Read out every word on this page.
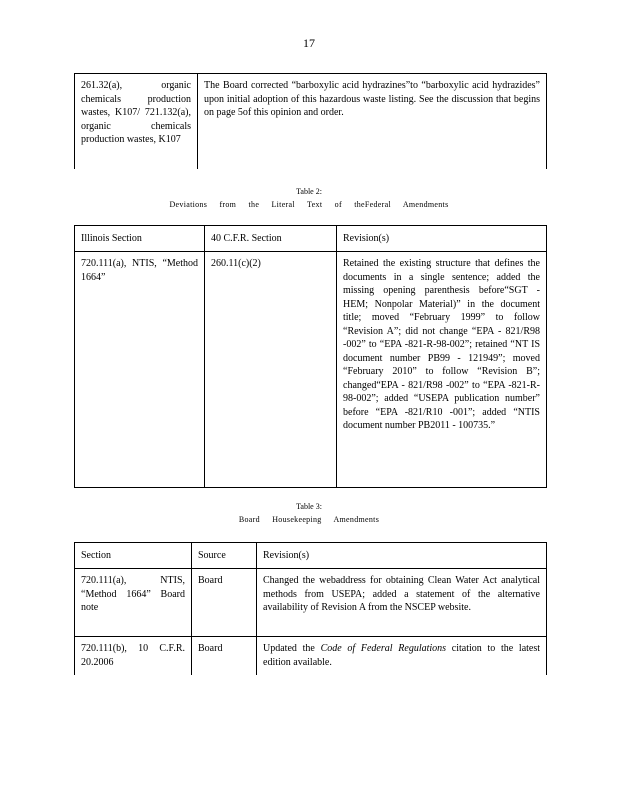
17
261.32(a), organic chemicals production wastes, K107/ 721.132(a), organic chemicals production wastes, K107	The Board corrected “barboxylic acid hydrazines”to “barboxylic acid hydrazides” upon initial adoption of this hazardous waste listing. See the discussion that begins on page 5of this opinion and order.
Table 2:
Deviations from the Literal Text of theFederal Amendments
Illinois Section	40 C.F.R. Section	Revision(s)
720.111(a), NTIS, “Method 1664”	260.11(c)(2)	Retained the existing structure that defines the documents in a single sentence; added the missing opening parenthesis before“SGT - HEM; Nonpolar Material)” in the document title; moved “February 1999” to follow “Revision A”; did not change “EPA - 821/R98 -002” to “EPA -821-R-98-002”; retained “NT IS document number PB99 - 121949”; moved “February 2010” to follow “Revision B”; changed“EPA - 821/R98 -002” to “EPA -821-R-98-002”; added “USEPA publication number” before “EPA -821/R10 -001”; added “NTIS document number PB2011 - 100735.”
Table 3:
Board Housekeeping Amendments
Section	Source	Revision(s)
720.111(a), NTIS, “Method 1664” Board note	Board	Changed the webaddress for obtaining Clean Water Act analytical methods from USEPA; added a statement of the alternative availability of Revision A from the NSCEP website.
720.111(b), 10 C.F.R. 20.2006	Board	Updated the Code of Federal Regulations citation to the latest edition available.
